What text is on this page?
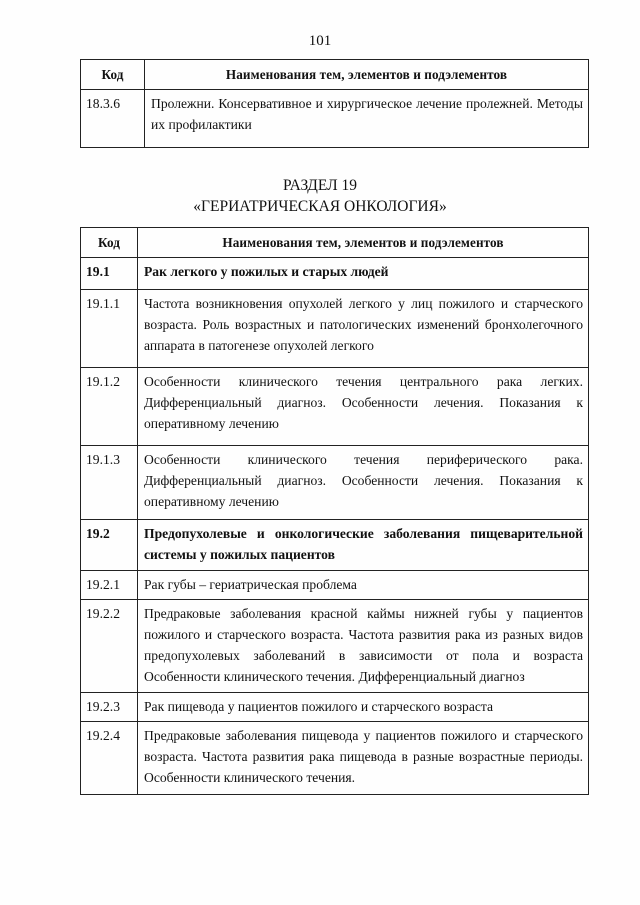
101
Код	Наименования тем, элементов и подэлементов
18.3.6	Пролежни. Консервативное и хирургическое лечение пролежней. Методы их профилактики
РАЗДЕЛ 19
«ГЕРИАТРИЧЕСКАЯ ОНКОЛОГИЯ»
Код	Наименования тем, элементов и подэлементов
19.1	Рак легкого у пожилых и старых людей
19.1.1	Частота возникновения опухолей легкого у лиц пожилого и старческого возраста. Роль возрастных и патологических изменений бронхолегочного аппарата в патогенезе опухолей легкого
19.1.2	Особенности клинического течения центрального рака легких. Дифференциальный диагноз. Особенности лечения. Показания к оперативному лечению
19.1.3	Особенности клинического течения периферического рака. Дифференциальный диагноз. Особенности лечения. Показания к оперативному лечению
19.2	Предопухолевые и онкологические заболевания пищеварительной системы у пожилых пациентов
19.2.1	Рак губы – гериатрическая проблема
19.2.2	Предраковые заболевания красной каймы нижней губы у пациентов пожилого и старческого возраста. Частота развития рака из разных видов предопухолевых заболеваний в зависимости от пола и возраста Особенности клинического течения. Дифференциальный диагноз
19.2.3	Рак пищевода у пациентов пожилого и старческого возраста
19.2.4	Предраковые заболевания пищевода у пациентов пожилого и старческого возраста. Частота развития рака пищевода в разные возрастные периоды. Особенности клинического течения.
